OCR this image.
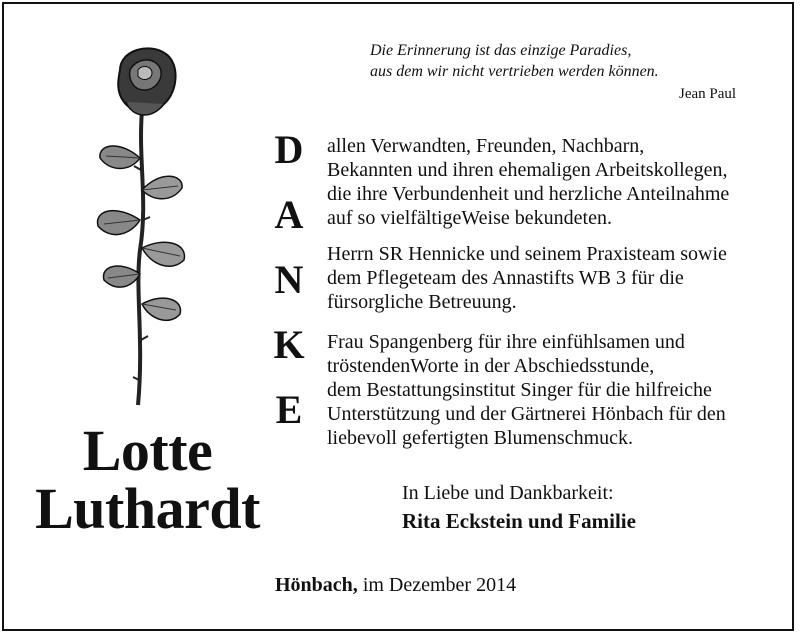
Lotte
Luthardt
Die Erinnerung ist das einzige Paradies,
aus dem wir nicht vertrieben werden können.
Jean Paul
D
A
N
K
E
allen Verwandten, Freunden, Nachbarn,
Bekannten und ihren ehemaligen Arbeitskollegen,
die ihre Verbundenheit und herzliche Anteilnahme
auf so vielfältigeWeise bekundeten.
Herrn SR Hennicke und seinem Praxisteam sowie
dem Pflegeteam des Annastifts WB 3 für die
fürsorgliche Betreuung.
Frau Spangenberg für ihre einfühlsamen und
tröstendenWorte in der Abschiedsstunde,
dem Bestattungsinstitut Singer für die hilfreiche
Unterstützung und der Gärtnerei Hönbach für den
liebevoll gefertigten Blumenschmuck.
In Liebe und Dankbarkeit:
Rita Eckstein und Familie
Hönbach, im Dezember 2014
